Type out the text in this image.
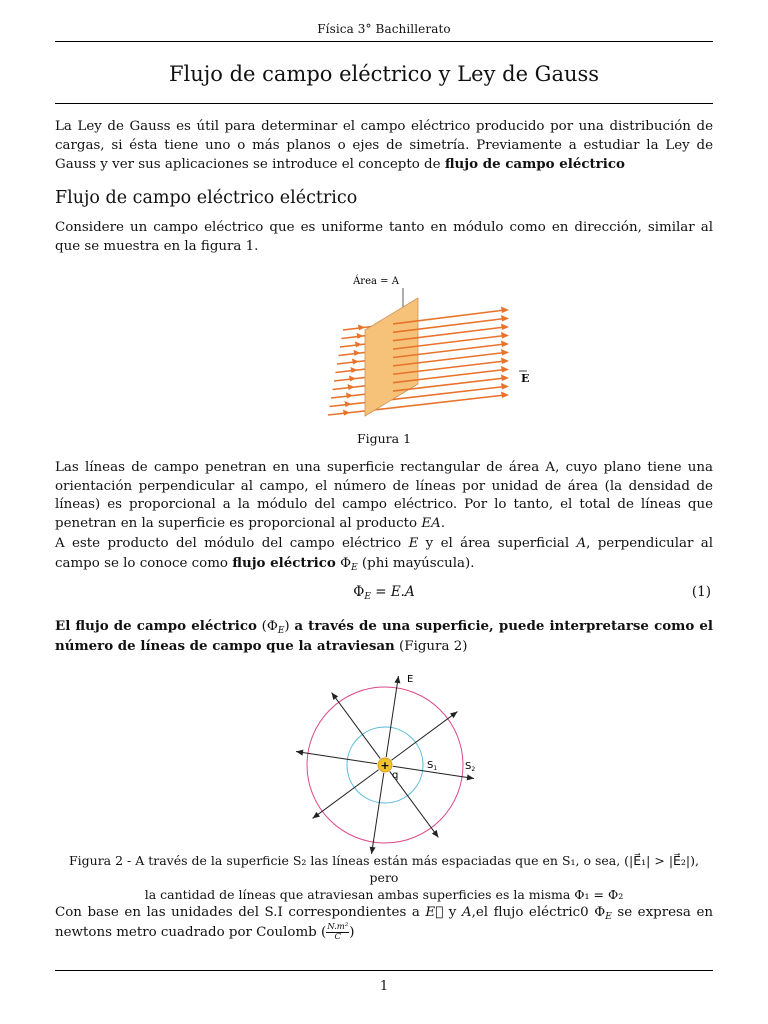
Física 3° Bachillerato
Flujo de campo eléctrico y Ley de Gauss

La Ley de Gauss es útil para determinar el campo eléctrico producido por una distribución de cargas, si ésta tiene uno o más planos o ejes de simetría. Previamente a estudiar la Ley de Gauss y ver sus aplicaciones se introduce el concepto de flujo de campo eléctrico

Flujo de campo eléctrico eléctrico

Considere un campo eléctrico que es uniforme tanto en módulo como en dirección, similar al que se muestra en la figura 1.

Área = A
E
Figura 1

Las líneas de campo penetran en una superficie rectangular de área A, cuyo plano tiene una orientación perpendicular al campo, el número de líneas por unidad de área (la densidad de líneas) es proporcional a la módulo del campo eléctrico. Por lo tanto, el total de líneas que penetran en la superficie es proporcional al producto EA.

A este producto del módulo del campo eléctrico E y el área superficial A, perpendicular al campo se lo conoce como flujo eléctrico $\Phi_E$ (phi mayúscula).

$\Phi_E = E.A$	(1)

El flujo de campo eléctrico $(\Phi_E)$ a través de una superficie, puede interpretarse como el número de líneas de campo que la atraviesan (Figura 2)

+
q
E
$S_1$	$S_2$
Figura 2 - A través de la superficie S₂ las líneas están más espaciadas que en S₁, o sea, (|E⃗₁| > |E⃗₂|), pero
la cantidad de líneas que atraviesan ambas superficies es la misma Φ₁ = Φ₂

Con base en las unidades del S.I correspondientes a E⃗ y A,el flujo eléctric0 $\Phi_E$ se expresa en newtons metro cuadrado por Coulomb ( $\frac{\text{N.m²}}{C}$ )

1
